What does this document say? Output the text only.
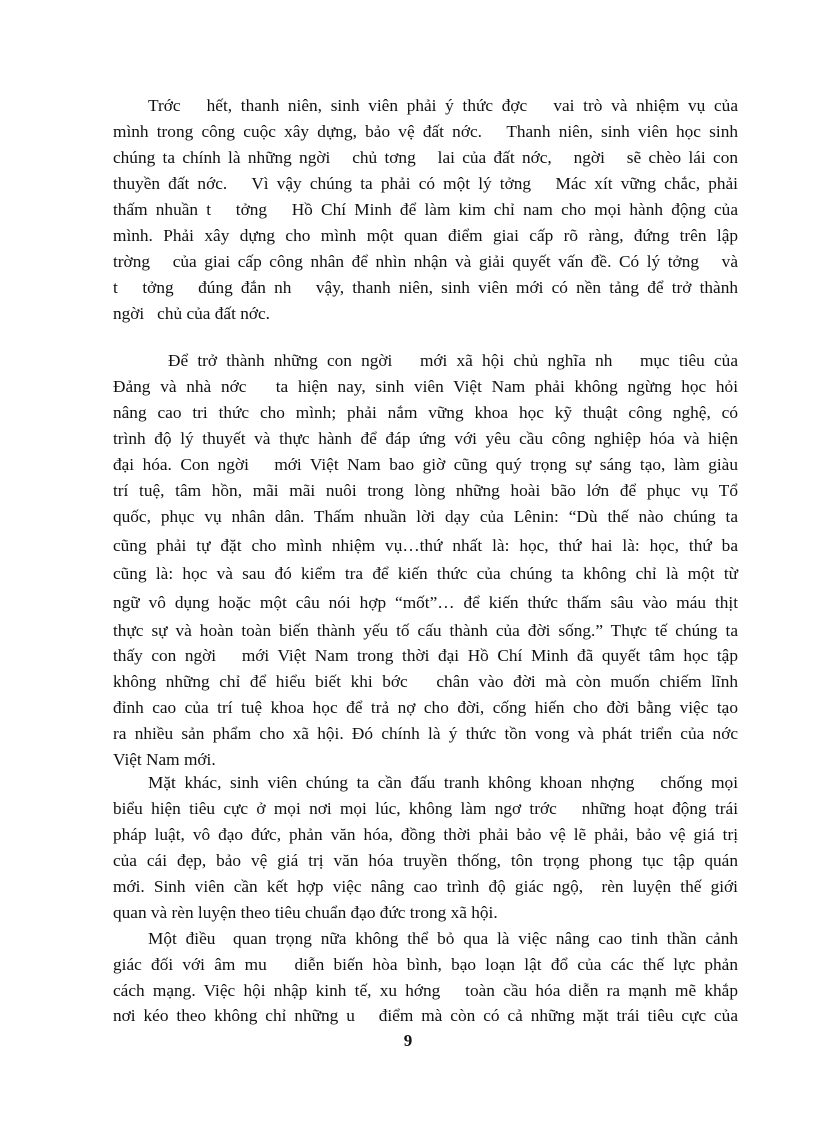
Trớc   hết, thanh niên, sinh viên phải ý thức đợc   vai trò và nhiệm vụ của
mình trong công cuộc xây dựng, bảo vệ đất nớc.   Thanh niên, sinh viên học sinh
chúng ta chính là những ngời   chủ tơng   lai của đất nớc,   ngời   sẽ chèo lái con
thuyền đất nớc.   Vì vậy chúng ta phải có một lý tởng   Mác xít vững chắc, phải
thấm nhuần t   tởng   Hồ Chí Minh để làm kim chỉ nam cho mọi hành động của
mình. Phải xây dựng cho mình một quan điểm giai cấp rõ ràng, đứng trên lập
trờng   của giai cấp công nhân để nhìn nhận và giải quyết vấn đề. Có lý tởng   và
t   tởng   đúng đắn nh   vậy, thanh niên, sinh viên mới có nền tảng để trở thành
ngời   chủ của đất nớc.
Để trở thành những con ngời   mới xã hội chủ nghĩa nh   mục tiêu của
Đảng và nhà nớc   ta hiện nay, sinh viên Việt Nam phải không ngừng học hỏi
nâng cao tri thức cho mình; phải nắm vững khoa học kỹ thuật công nghệ, có
trình độ lý thuyết và thực hành để đáp ứng với yêu cầu công nghiệp hóa và hiện
đại hóa. Con ngời   mới Việt Nam bao giờ cũng quý trọng sự sáng tạo, làm giàu
trí tuệ, tâm hồn, mãi mãi nuôi trong lòng những hoài bão lớn để phục vụ Tổ
quốc, phục vụ nhân dân. Thấm nhuần lời dạy của Lênin: “Dù thế nào chúng ta
cũng phải tự đặt cho mình nhiệm vụ…thứ nhất là: học, thứ hai là: học, thứ ba
cũng là: học và sau đó kiểm tra để kiến thức của chúng ta không chỉ là một từ
ngữ vô dụng hoặc một câu nói hợp “mốt”… để kiến thức thấm sâu vào máu thịt
thực sự và hoàn toàn biến thành yếu tố cấu thành của đời sống.” Thực tế chúng ta
thấy con ngời   mới Việt Nam trong thời đại Hồ Chí Minh đã quyết tâm học tập
không những chỉ để hiểu biết khi bớc   chân vào đời mà còn muốn chiếm lĩnh
đỉnh cao của trí tuệ khoa học để trả nợ cho đời, cống hiến cho đời bằng việc tạo
ra nhiều sản phẩm cho xã hội. Đó chính là ý thức tồn vong và phát triển của nớc
Việt Nam mới.
Mặt khác, sinh viên chúng ta cần đấu tranh không khoan nhợng   chống mọi
biểu hiện tiêu cực ở mọi nơi mọi lúc, không làm ngơ trớc   những hoạt động trái
pháp luật, vô đạo đức, phản văn hóa, đồng thời phải bảo vệ lẽ phải, bảo vệ giá trị
của cái đẹp, bảo vệ giá trị văn hóa truyền thống, tôn trọng phong tục tập quán
mới. Sinh viên cần kết hợp việc nâng cao trình độ giác ngộ,  rèn luyện thế giới
quan và rèn luyện theo tiêu chuẩn đạo đức trong xã hội.
Một điều  quan trọng nữa không thể bỏ qua là việc nâng cao tinh thần cảnh
giác đối với âm mu   diễn biến hòa bình, bạo loạn lật đổ của các thế lực phản
cách mạng. Việc hội nhập kinh tế, xu hớng   toàn cầu hóa diễn ra mạnh mẽ khắp
nơi kéo theo không chỉ những u   điểm mà còn có cả những mặt trái tiêu cực của
9
